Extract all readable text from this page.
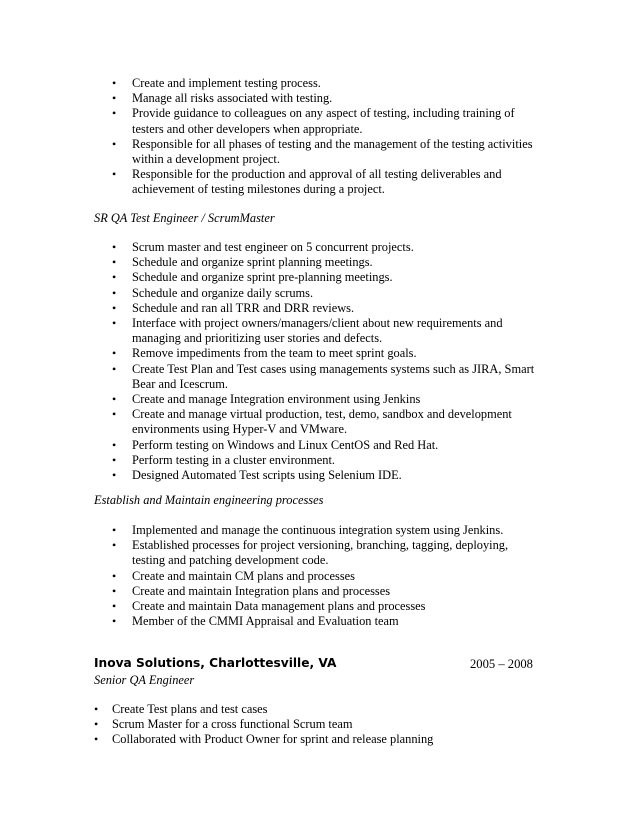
• Create and implement testing process.
• Manage all risks associated with testing.
• Provide guidance to colleagues on any aspect of testing, including training of testers and other developers when appropriate.
• Responsible for all phases of testing and the management of the testing activities within a development project.
• Responsible for the production and approval of all testing deliverables and achievement of testing milestones during a project.
SR QA Test Engineer / ScrumMaster
• Scrum master and test engineer on 5 concurrent projects.
• Schedule and organize sprint planning meetings.
• Schedule and organize sprint pre-planning meetings.
• Schedule and organize daily scrums.
• Schedule and ran all TRR and DRR reviews.
• Interface with project owners/managers/client about new requirements and managing and prioritizing user stories and defects.
• Remove impediments from the team to meet sprint goals.
• Create Test Plan and Test cases using managements systems such as JIRA, Smart Bear and Icescrum.
• Create and manage Integration environment using Jenkins
• Create and manage virtual production, test, demo, sandbox and development environments using Hyper-V and VMware.
• Perform testing on Windows and Linux CentOS and Red Hat.
• Perform testing in a cluster environment.
• Designed Automated Test scripts using Selenium IDE.
Establish and Maintain engineering processes
• Implemented and manage the continuous integration system using Jenkins.
• Established processes for project versioning, branching, tagging, deploying, testing and patching development code.
• Create and maintain CM plans and processes
• Create and maintain Integration plans and processes
• Create and maintain Data management plans and processes
• Member of the CMMI Appraisal and Evaluation team
Inova Solutions, Charlottesville, VA	2005 – 2008
Senior QA Engineer
• Create Test plans and test cases
• Scrum Master for a cross functional Scrum team
• Collaborated with Product Owner for sprint and release planning
